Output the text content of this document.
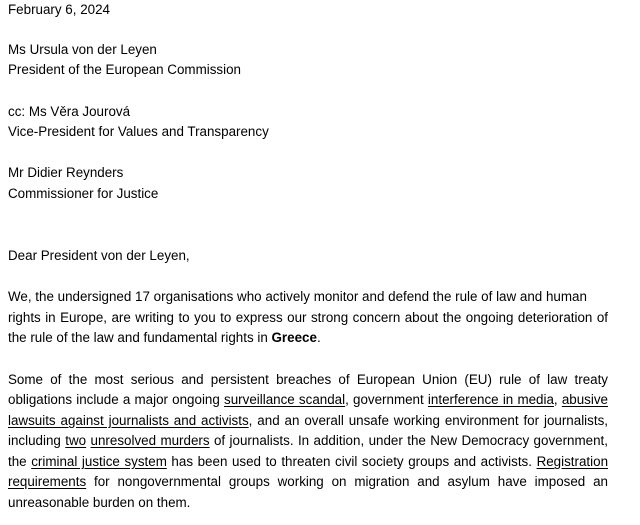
February 6, 2024
Ms Ursula von der Leyen
President of the European Commission
cc: Ms Věra Jourová
Vice-President for Values and Transparency
Mr Didier Reynders
Commissioner for Justice
Dear President von der Leyen,
We, the undersigned 17 organisations who actively monitor and defend the rule of law and human
rights in Europe, are writing to you to express our strong concern about the ongoing deterioration of
the rule of the law and fundamental rights in Greece.
Some of the most serious and persistent breaches of European Union (EU) rule of law treaty
obligations include a major ongoing surveillance scandal, government interference in media, abusive
lawsuits against journalists and activists, and an overall unsafe working environment for journalists,
including two unresolved murders of journalists. In addition, under the New Democracy government,
the criminal justice system has been used to threaten civil society groups and activists. Registration
requirements for nongovernmental groups working on migration and asylum have imposed an
unreasonable burden on them.
